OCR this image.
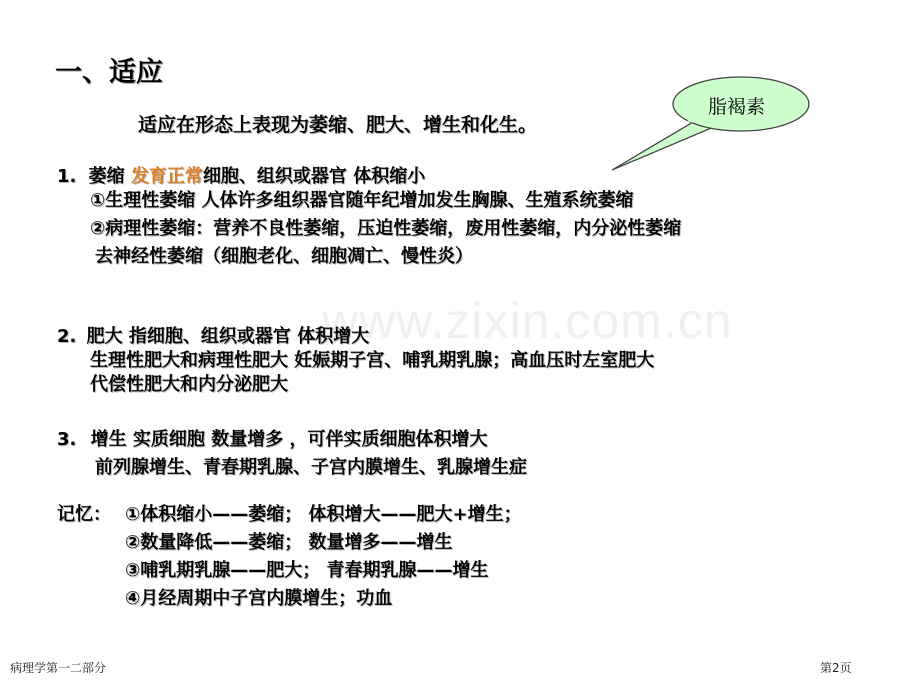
www.zixin.com.cn
脂褐素
一、适应
适应在形态上表现为萎缩、肥大、增生和化生。
1. 萎缩 发育正常细胞、组织或器官 体积缩小
①生理性萎缩 人体许多组织器官随年纪增加发生胸腺、生殖系统萎缩
②病理性萎缩：营养不良性萎缩，压迫性萎缩，废用性萎缩，内分泌性萎缩
去神经性萎缩（细胞老化、细胞凋亡、慢性炎）
2. 肥大 指细胞、组织或器官 体积增大
生理性肥大和病理性肥大 妊娠期子宫、哺乳期乳腺；高血压时左室肥大
代偿性肥大和内分泌肥大
3. 增生 实质细胞 数量增多 ，可伴实质细胞体积增大
前列腺增生、青春期乳腺、子宫内膜增生、乳腺增生症
记忆： ①体积缩小——萎缩； 体积增大——肥大+增生；
②数量降低——萎缩； 数量增多——增生
③哺乳期乳腺——肥大； 青春期乳腺——增生
④月经周期中子宫内膜增生；功血
病理学第一二部分	第2页
